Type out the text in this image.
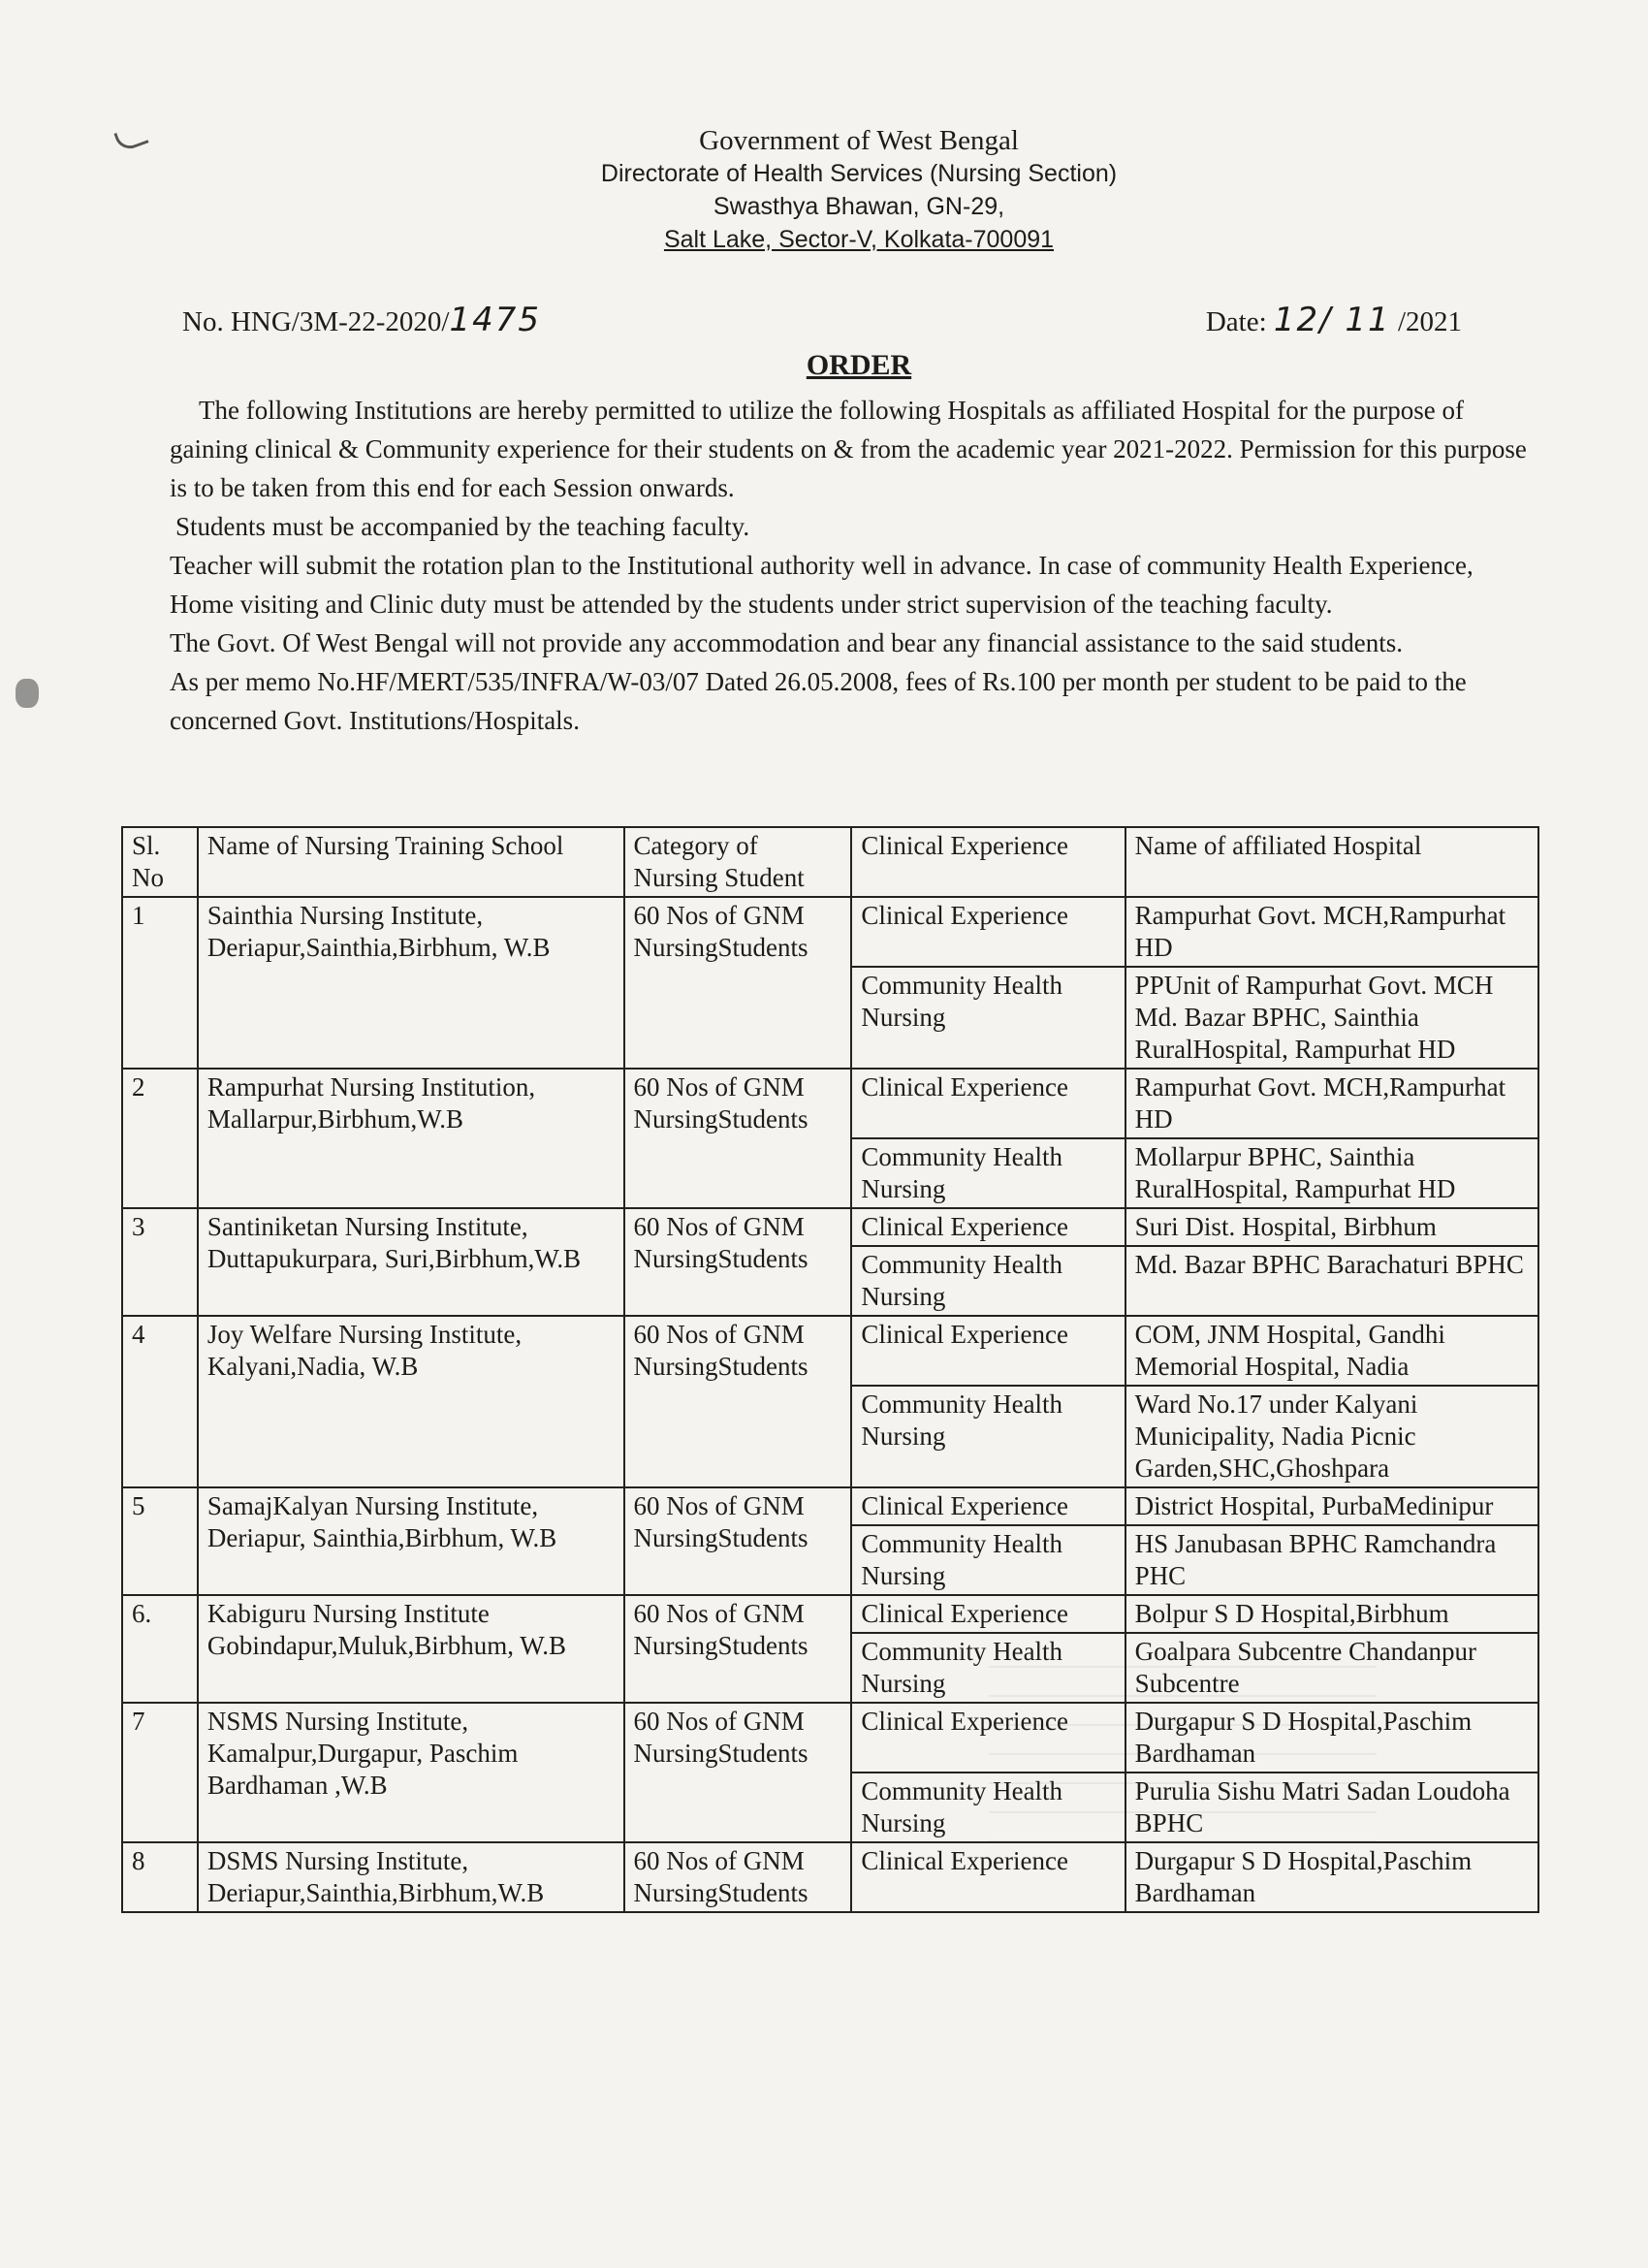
Government of West Bengal
Directorate of Health Services (Nursing Section)
Swasthya Bhawan, GN-29,
Salt Lake, Sector-V, Kolkata-700091
No. HNG/3M-22-2020/1475	Date: 12/ 11 /2021
ORDER

The following Institutions are hereby permitted to utilize the following Hospitals as affiliated Hospital for the purpose of gaining clinical & Community experience for their students on & from the academic year 2021-2022. Permission for this purpose is to be taken from this end for each Session onwards.

Students must be accompanied by the teaching faculty.

Teacher will submit the rotation plan to the Institutional authority well in advance. In case of community Health Experience, Home visiting and Clinic duty must be attended by the students under strict supervision of the teaching faculty.

The Govt. Of West Bengal will not provide any accommodation and bear any financial assistance to the said students.

As per memo No.HF/MERT/535/INFRA/W-03/07 Dated 26.05.2008, fees of Rs.100 per month per student to be paid to the concerned Govt. Institutions/Hospitals.

Sl. No	Name of Nursing Training School	Category of Nursing Student	Clinical Experience	Name of affiliated Hospital
1	Sainthia Nursing Institute, Deriapur,Sainthia,Birbhum, W.B	60 Nos of GNM NursingStudents	Clinical Experience	Rampurhat Govt. MCH,Rampurhat HD
			Community Health Nursing	PPUnit of Rampurhat Govt. MCH Md. Bazar BPHC, Sainthia RuralHospital, Rampurhat HD
2	Rampurhat Nursing Institution, Mallarpur,Birbhum,W.B	60 Nos of GNM NursingStudents	Clinical Experience	Rampurhat Govt. MCH,Rampurhat HD
			Community Health Nursing	Mollarpur BPHC, Sainthia RuralHospital, Rampurhat HD
3	Santiniketan Nursing Institute, Duttapukurpara, Suri,Birbhum,W.B	60 Nos of GNM NursingStudents	Clinical Experience	Suri Dist. Hospital, Birbhum
			Community Health Nursing	Md. Bazar BPHC Barachaturi BPHC
4	Joy Welfare Nursing Institute, Kalyani,Nadia, W.B	60 Nos of GNM NursingStudents	Clinical Experience	COM, JNM Hospital, Gandhi Memorial Hospital, Nadia
			Community Health Nursing	Ward No.17 under Kalyani Municipality, Nadia Picnic Garden,SHC,Ghoshpara
5	SamajKalyan Nursing Institute, Deriapur, Sainthia,Birbhum, W.B	60 Nos of GNM NursingStudents	Clinical Experience	District Hospital, PurbaMedinipur
			Community Health Nursing	HS Janubasan BPHC Ramchandra PHC
6.	Kabiguru Nursing Institute Gobindapur,Muluk,Birbhum, W.B	60 Nos of GNM NursingStudents	Clinical Experience	Bolpur S D Hospital,Birbhum
			Community Health Nursing	Goalpara Subcentre Chandanpur Subcentre
7	NSMS Nursing Institute, Kamalpur,Durgapur, Paschim Bardhaman ,W.B	60 Nos of GNM NursingStudents	Clinical Experience	Durgapur S D Hospital,Paschim Bardhaman
			Community Health Nursing	Purulia Sishu Matri Sadan Loudoha BPHC
8	DSMS Nursing Institute, Deriapur,Sainthia,Birbhum,W.B	60 Nos of GNM NursingStudents	Clinical Experience	Durgapur S D Hospital,Paschim Bardhaman
